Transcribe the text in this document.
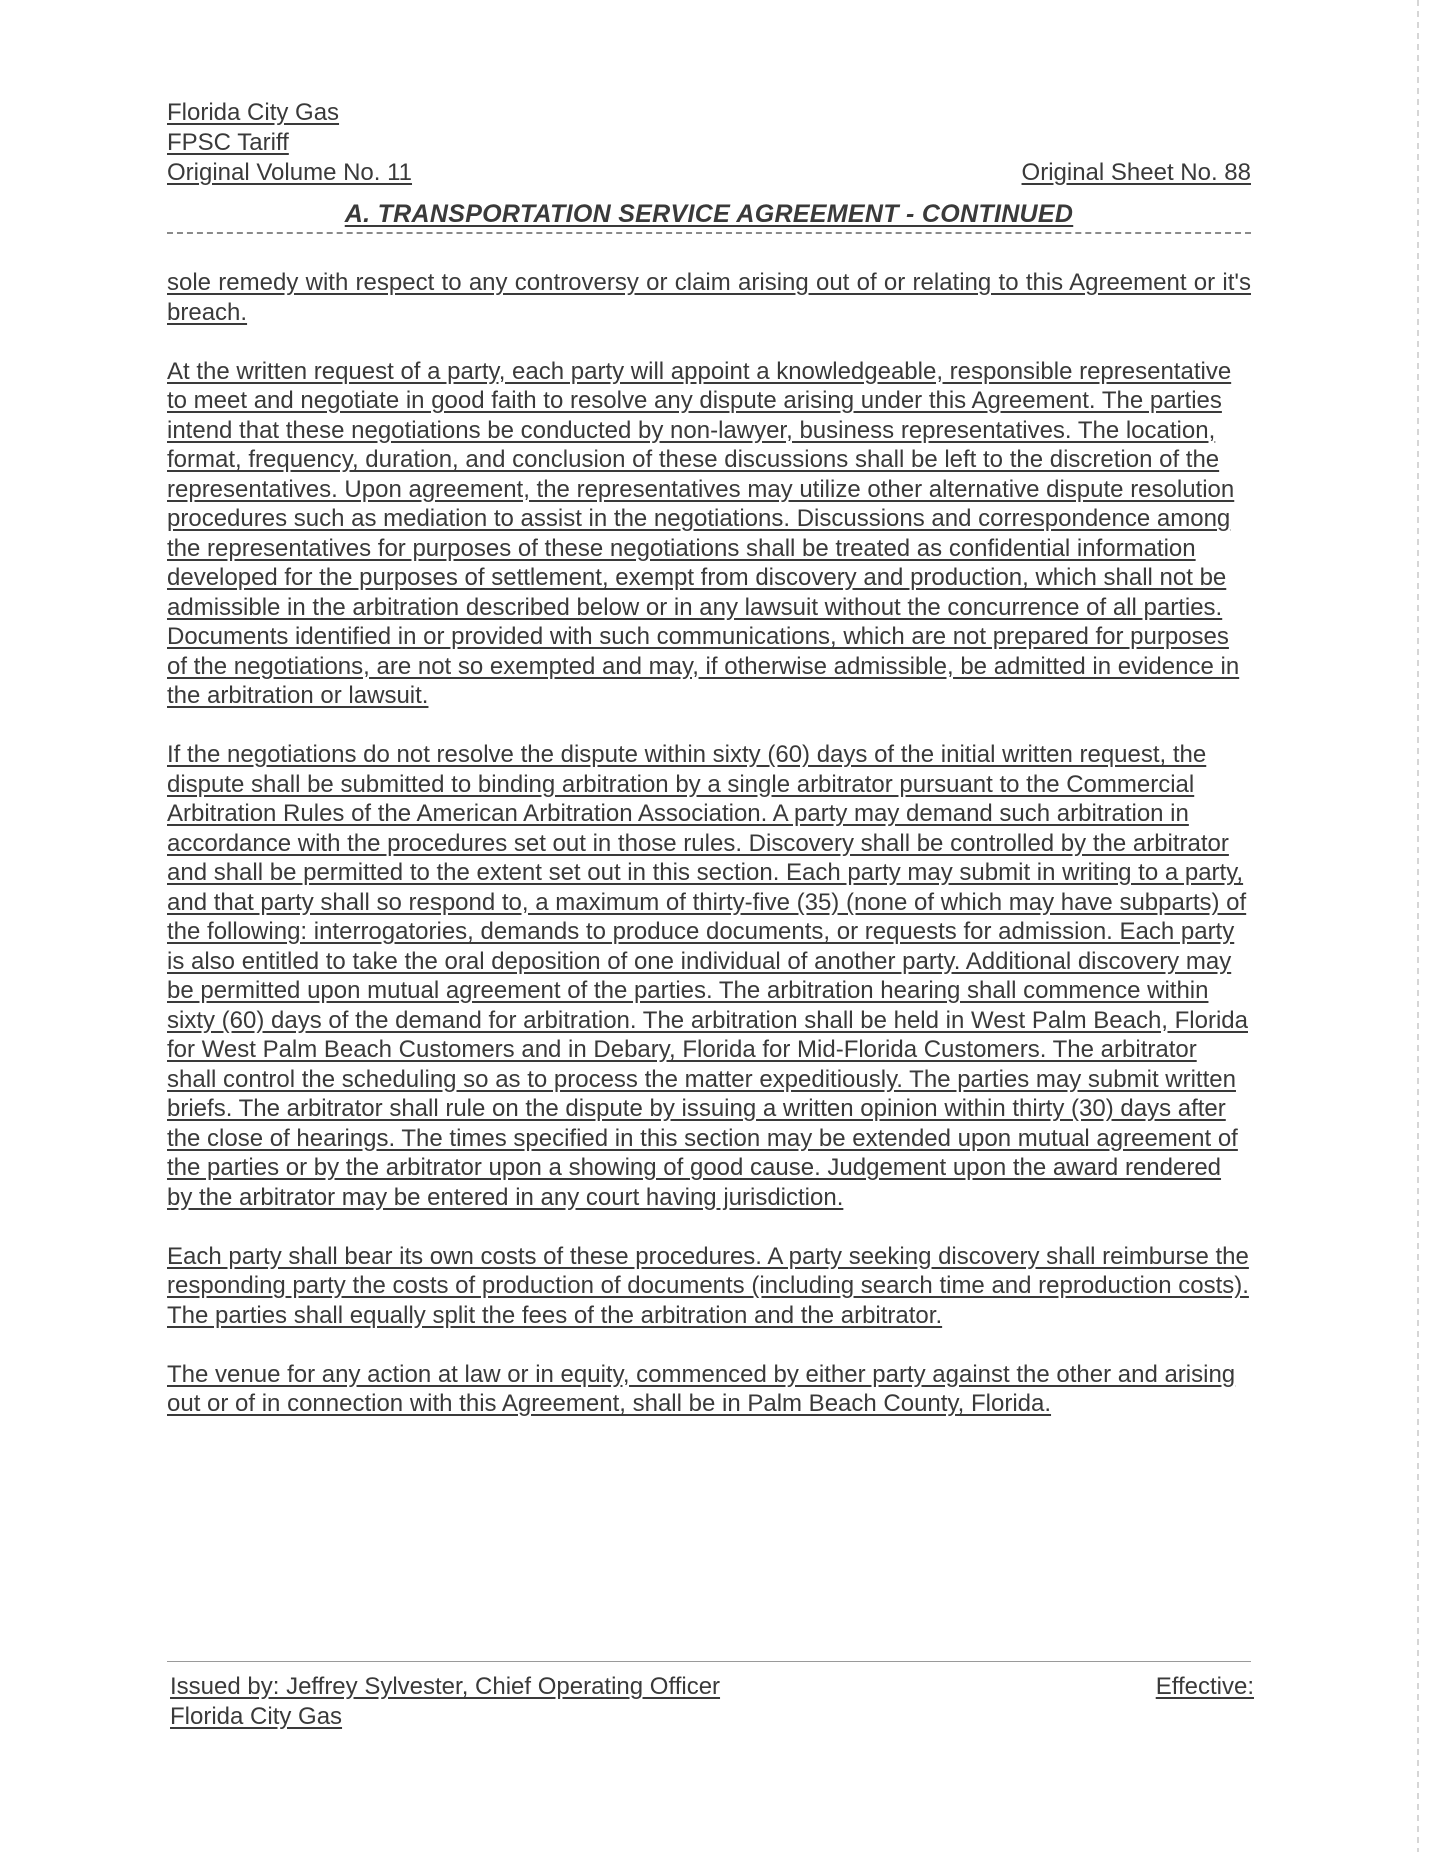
Florida City Gas
FPSC Tariff
Original Volume No. 11	Original Sheet No. 88
A. TRANSPORTATION SERVICE AGREEMENT - CONTINUED

sole remedy with respect to any controversy or claim arising out of or relating to this Agreement or it's breach.

At the written request of a party, each party will appoint a knowledgeable, responsible representative to meet and negotiate in good faith to resolve any dispute arising under this Agreement. The parties intend that these negotiations be conducted by non-lawyer, business representatives. The location, format, frequency, duration, and conclusion of these discussions shall be left to the discretion of the representatives. Upon agreement, the representatives may utilize other alternative dispute resolution procedures such as mediation to assist in the negotiations. Discussions and correspondence among the representatives for purposes of these negotiations shall be treated as confidential information developed for the purposes of settlement, exempt from discovery and production, which shall not be admissible in the arbitration described below or in any lawsuit without the concurrence of all parties. Documents identified in or provided with such communications, which are not prepared for purposes of the negotiations, are not so exempted and may, if otherwise admissible, be admitted in evidence in the arbitration or lawsuit.

If the negotiations do not resolve the dispute within sixty (60) days of the initial written request, the dispute shall be submitted to binding arbitration by a single arbitrator pursuant to the Commercial Arbitration Rules of the American Arbitration Association. A party may demand such arbitration in accordance with the procedures set out in those rules. Discovery shall be controlled by the arbitrator and shall be permitted to the extent set out in this section. Each party may submit in writing to a party, and that party shall so respond to, a maximum of thirty-five (35) (none of which may have subparts) of the following: interrogatories, demands to produce documents, or requests for admission. Each party is also entitled to take the oral deposition of one individual of another party. Additional discovery may be permitted upon mutual agreement of the parties. The arbitration hearing shall commence within sixty (60) days of the demand for arbitration. The arbitration shall be held in West Palm Beach, Florida for West Palm Beach Customers and in Debary, Florida for Mid-Florida Customers. The arbitrator shall control the scheduling so as to process the matter expeditiously. The parties may submit written briefs. The arbitrator shall rule on the dispute by issuing a written opinion within thirty (30) days after the close of hearings. The times specified in this section may be extended upon mutual agreement of the parties or by the arbitrator upon a showing of good cause. Judgement upon the award rendered by the arbitrator may be entered in any court having jurisdiction.

Each party shall bear its own costs of these procedures. A party seeking discovery shall reimburse the responding party the costs of production of documents (including search time and reproduction costs). The parties shall equally split the fees of the arbitration and the arbitrator.

The venue for any action at law or in equity, commenced by either party against the other and arising out or of in connection with this Agreement, shall be in Palm Beach County, Florida.

Issued by: Jeffrey Sylvester, Chief Operating Officer	Effective:
Florida City Gas
